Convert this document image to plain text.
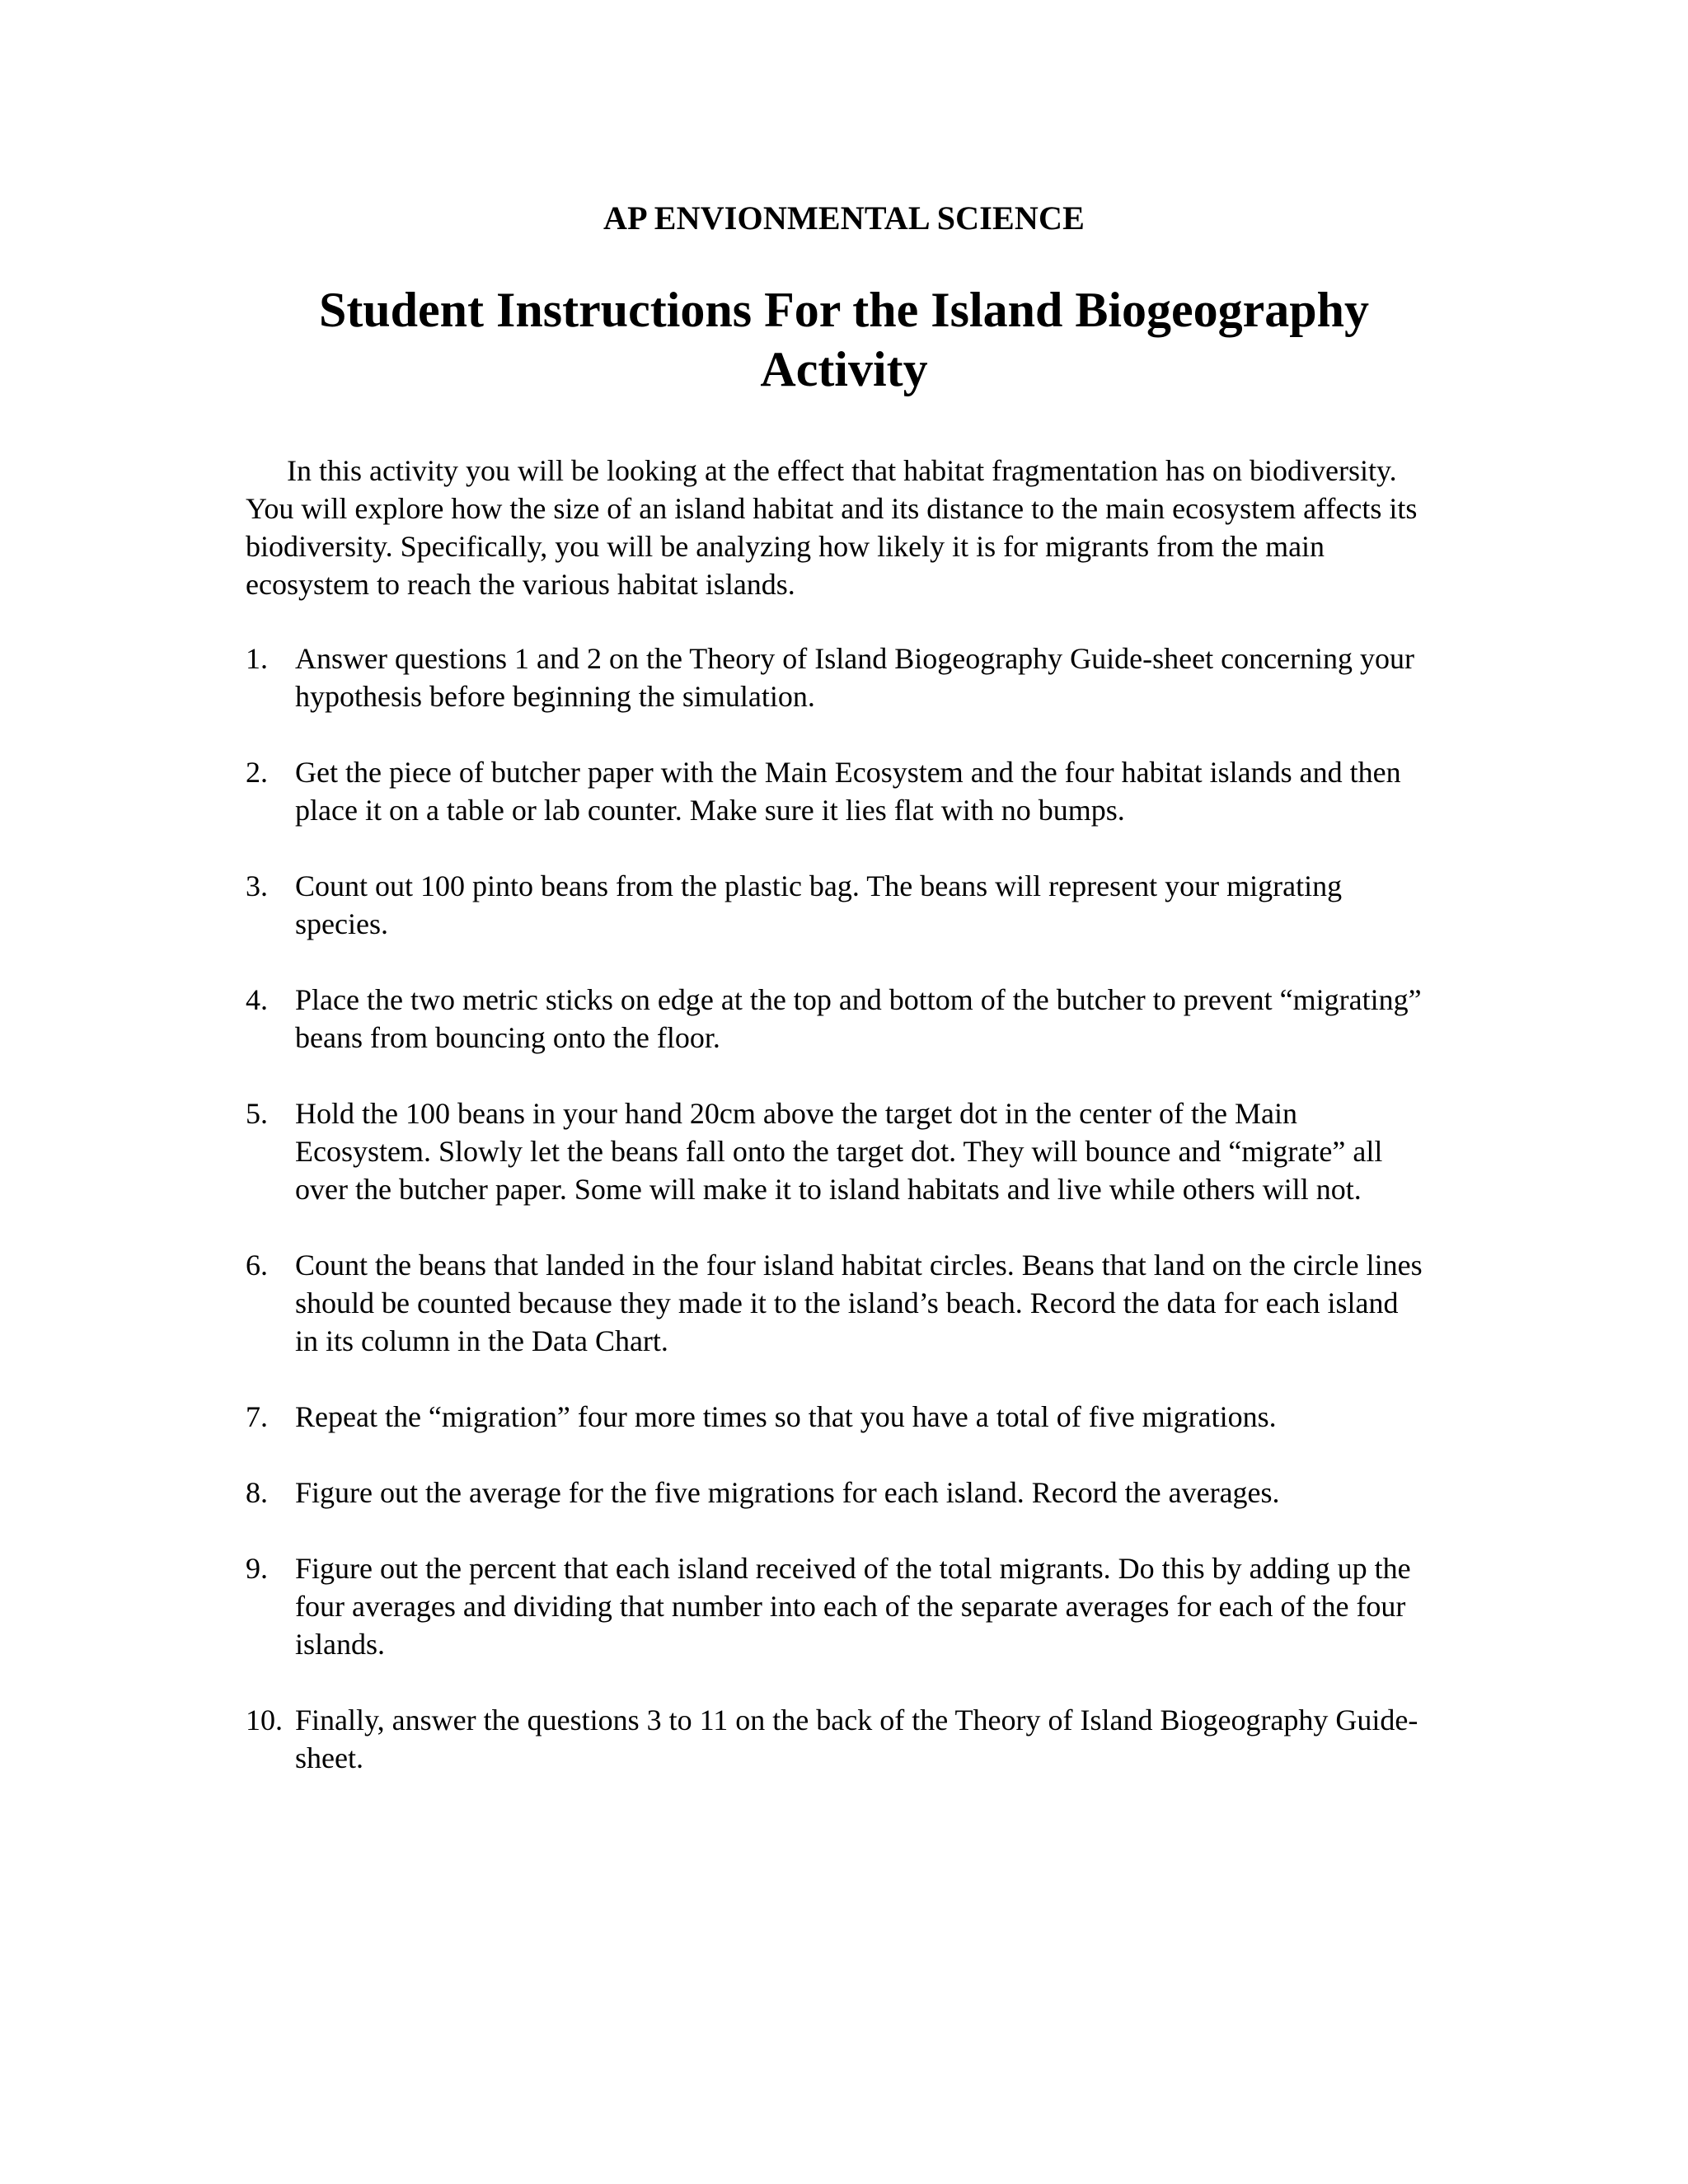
AP ENVIONMENTAL SCIENCE
Student Instructions For the Island Biogeography Activity

In this activity you will be looking at the effect that habitat fragmentation has on biodiversity. You will explore how the size of an island habitat and its distance to the main ecosystem affects its biodiversity. Specifically, you will be analyzing how likely it is for migrants from the main ecosystem to reach the various habitat islands.

1. Answer questions 1 and 2 on the Theory of Island Biogeography Guide-sheet concerning your hypothesis before beginning the simulation.
2. Get the piece of butcher paper with the Main Ecosystem and the four habitat islands and then place it on a table or lab counter. Make sure it lies flat with no bumps.
3. Count out 100 pinto beans from the plastic bag. The beans will represent your migrating species.
4. Place the two metric sticks on edge at the top and bottom of the butcher to prevent “migrating” beans from bouncing onto the floor.
5. Hold the 100 beans in your hand 20cm above the target dot in the center of the Main Ecosystem. Slowly let the beans fall onto the target dot. They will bounce and “migrate” all over the butcher paper. Some will make it to island habitats and live while others will not.
6. Count the beans that landed in the four island habitat circles. Beans that land on the circle lines should be counted because they made it to the island’s beach. Record the data for each island in its column in the Data Chart.
7. Repeat the “migration” four more times so that you have a total of five migrations.
8. Figure out the average for the five migrations for each island. Record the averages.
9. Figure out the percent that each island received of the total migrants. Do this by adding up the four averages and dividing that number into each of the separate averages for each of the four islands.
10. Finally, answer the questions 3 to 11 on the back of the Theory of Island Biogeography Guide-sheet.
